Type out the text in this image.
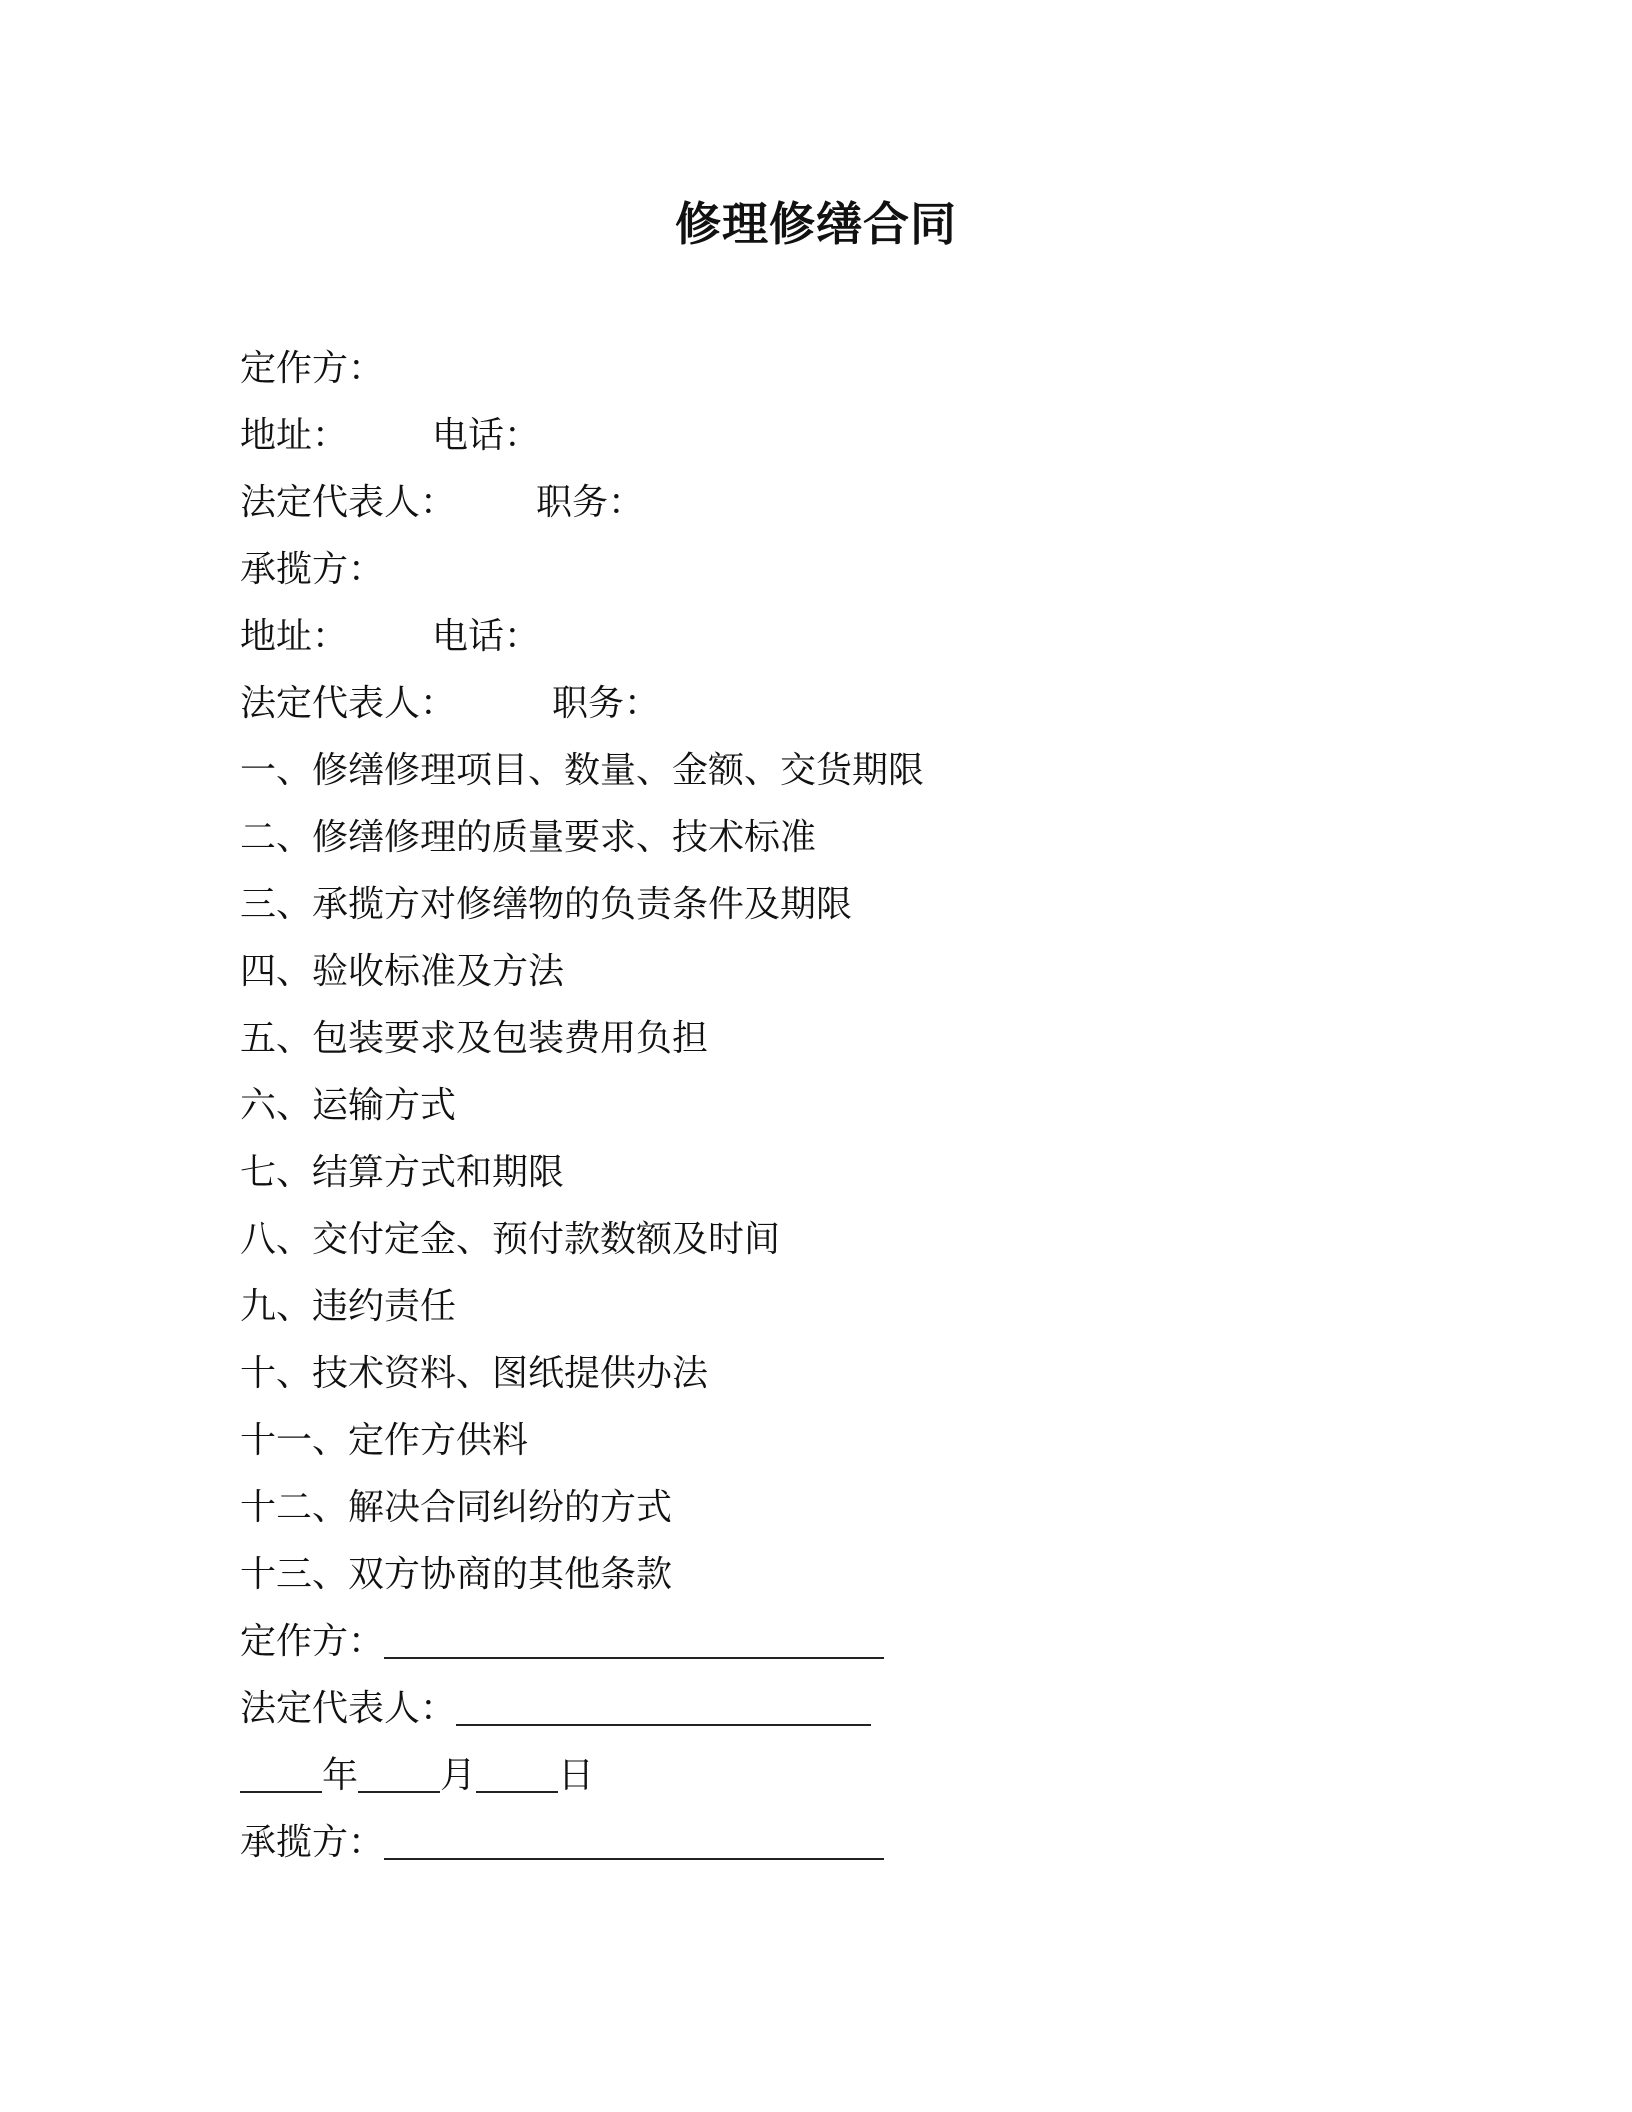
修理修缮合同
定作方：
地址： 电话：
法定代表人： 职务：
承揽方：
地址： 电话：
法定代表人：	职务：
一、修缮修理项目、数量、金额、交货期限
二、修缮修理的质量要求、技术标准
三、承揽方对修缮物的负责条件及期限
四、验收标准及方法
五、包装要求及包装费用负担
六、运输方式
七、结算方式和期限
八、交付定金、预付款数额及时间
九、违约责任
十、技术资料、图纸提供办法
十一、定作方供料
十二、解决合同纠纷的方式
十三、双方协商的其他条款
定作方：
法定代表人：
年 月 日
承揽方：
